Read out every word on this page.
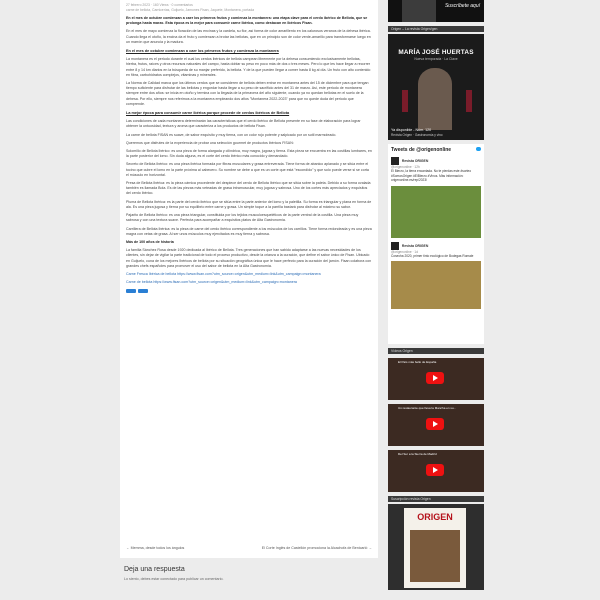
27 febrero 2023 · 160 Views · 0 comentarios
carne de bellota, Carnicerías, Guijuelo, Jamones Fisan, Jaquete, Montanera, portada
En el mes de octubre comienzan a caer los primeros frutos y comienza la montanera: una etapa clave para el cerdo ibérico de Bellota, que se prolonga hasta marzo. Esta época es la mejor para consumir carne ibérica, como destacan en Ibéricos Fisan.
En el mes de mayo comienza la floración de las encinas y la cardela, su flor, así forma de color amarillento en los calurosos veranos de la dehesa ibérica. Cuando llega el otoño, la encina da el fruto y comienzan a brotar las bellotas, que en un principio son de color verde-amarillo para transformarse luego en un marrón que anuncia y la madura.
En el mes de octubre comienzan a caer los primeros frutos y comienza la montanera
La montanera es el periodo durante el cual los cerdos ibéricos de bellota campean libremente por la dehesa consumiendo exclusivamente bellotas, hierba, frutos, raíces y otros recursos naturales del campo, hasta doblar su peso en poco más de dos o tres meses. Pero lo que les hace llegar a recorrer entre 8 y 14 km diarios en la búsqueda de su manjar preferido, la bellota. Y de la que pueden llegar a comer hasta 8 kg al día. Un fruto con alto contenido en fibra, carbohidratos complejos, vitaminas y minerales.
La Norma de Calidad marca que los últimos cerdos que se consideren de bellota deben entrar en montanera antes del 15 de diciembre para que tengan tiempo suficiente para disfrutar de las bellotas y engordar hasta llegar a su peso de sacrificio antes del 31 de marzo. Así, este periodo de montanera siempre entre dos años: se inicia en otoño y termina con la llegada de la primavera del año siguiente, cuando ya no quedan bellotas en el suelo de la dehesa. Por ello, siempre nos referimos a la montanera empleando dos años "Montanera 2022-2023" para que no quede duda del periodo que comprende.
La mejor época para consumir carne ibérica porque procede de cerdos ibéricos de Bellota
Las condiciones de cada montanera determinarán las características que el cerdo ibérico de Bellota presente en su fase de elaboración para lograr obtener la untuosidad, textura y aroma que caracteriza a los productos de bellota Fisan.
La carne de bellota FISAN es suave, de sabor exquisito y muy tierna, con un color rojo potente y salpicado por un sutil marmoleado.
Queremos que disfrutes de la experiencia de probar una selección gourmet de productos ibéricos FISAN:
Solomillo de Bellota Ibérico: es una pieza de forma alargada y cilíndrica, muy magra, jugosa y tierna. Esta pieza se encuentra en las costillas lumbares, en la parte posterior del lomo. Sin duda alguna, es el corte del cerdo ibérico más conocido y demandado.
Secreto de Bellota Ibérico: es una pieza ibérica formada por fibras musculares y grasa entreverada. Tiene forma de abanico aplanado y se sitúa entre el tocino que cubre el lomo en la parte próxima al cabecero. Su nombre se debe a que es un corte que está "escondido" y que solo puede verse si se corta el músculo en horizontal.
Presa de Bellota Ibérica: es la pieza cárnica procedente del despiece del cerdo de Bellota Ibérico que se sitúa sobre la paleta. Debido a su forma ovalada también es llamada Bola. Es de las piezas más veteadas de grasa intramuscular, muy jugosa y sabrosa. Uno de los cortes más apreciados y exquisitos del cerdo ibérico.
Pluma de Bellota Ibérica: es la parte del cerdo ibérico que se sitúa entre la parte anterior del lomo y la paletilla. Su forma es triangular y plana en forma de ala. Es una pieza jugosa y tierna por su equilibrio entre carne y grasa. Un simple toque a la parrilla bastará para disfrutar al máximo su sabor.
Pajarito de Bellota Ibérico: es una pieza triangular, constituida por los tejidos musculoesqueléticos de la parte ventral de la costilla. Una pieza muy sabrosa y con una textura suave. Perfecta para acompañar a exquisitos platos de Alta Gastronomía.
Carrillera de Bellota Ibérica: es la pieza de carne del cerdo ibérico correspondiente a los músculos de los carrillos. Tiene forma redondeada y es una pieza magra con vetas de grasa. Al ser unos músculos muy ejercitados es muy tierna y sabrosa.
Más de 100 años de historia
La familia Sánchez Rosa desde 1920 dedicada al Ibérico de Bellota. Tres generaciones que han sabido adaptarse a las nuevas necesidades de los clientes, sin dejar de vigilar la parte tradicional de todo el proceso productivo, desde la crianza a la curación, que define el sabor único de Fisan. Ubicado en Guijuelo, cuna de los mejores Ibéricos de bellota por su situación geográfica única que le hace perfecto para la curación del jamón. Fisan colabora con grandes chefs españoles para promover el uso del sabor de bellota en la Alta Gastronomía.
Carne Fresca Ibérica de bellota https://www.fisan.com?utm_source=origen&utm_medium=link&utm_campaign=montanera
Carne de bellota https://www.fisan.com?utm_source=origen&utm_medium=link&utm_campaign=montanera
← Memma, desde todos los ángulos	El Corte Inglés de Castellón promociona la Alcachofa de Benicarló →
Deja una respuesta
Lo siento, debes estar conectado para publicar un comentario.
Suscríbete aquí
Origen – La revista Origen/gen
MARÍA JOSÉ HUERTAS
Nueva temporada · La Clave
Ya disponible - Núm. 120
Revista Origen · Gastronomía y vino
Tweets de @origenonline
Revista ORIGEN
@origenonline · 12h
El Bierzo, la tierra encantada. No te pierdas este #sorteo #SomosOrigen #ElBierzo #Vinos. Más información: origenonline.es/rep/2023/
Revista ORIGEN
@origenonline · 1d
Cosecha 2020, primer tinto ecológico de Bodegas Romale
Vídeos Origen
El País más bello de España
Un restaurante que lleva la Mancha en su...
Del Sur a la Sierra de Madrid
Suscripción revista Origen
ORIGEN
